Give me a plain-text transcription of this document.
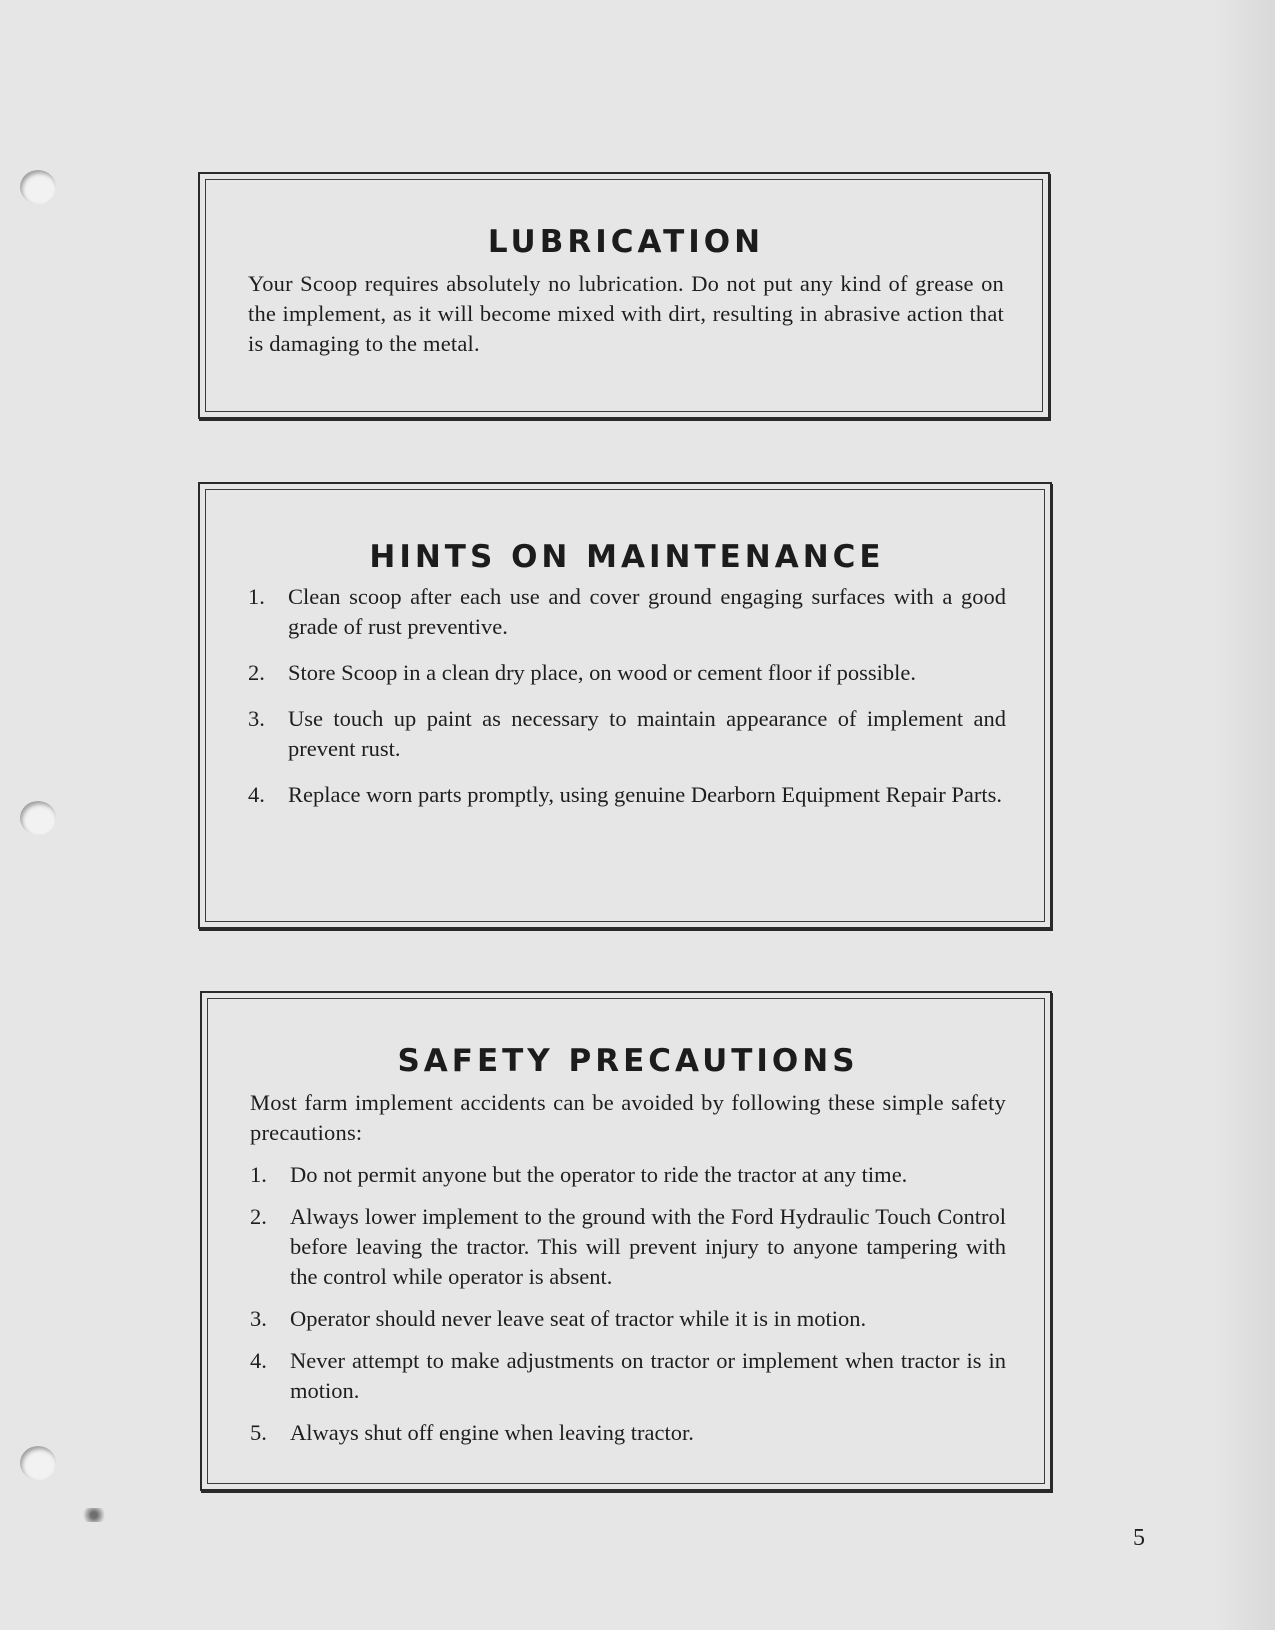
LUBRICATION

Your Scoop requires absolutely no lubrication. Do not put any kind of grease on the implement, as it will become mixed with dirt, resulting in abrasive action that is damaging to the metal.

HINTS ON MAINTENANCE
1.	Clean scoop after each use and cover ground engaging surfaces with a good grade of rust preventive.
2.	Store Scoop in a clean dry place, on wood or cement floor if possible.
3.	Use touch up paint as necessary to maintain appearance of implement and prevent rust.
4.	Replace worn parts promptly, using genuine Dearborn Equipment Repair Parts.
SAFETY PRECAUTIONS

Most farm implement accidents can be avoided by following these simple safety precautions:

1.	Do not permit anyone but the operator to ride the tractor at any time.
2.	Always lower implement to the ground with the Ford Hydraulic Touch Control before leaving the tractor. This will prevent injury to anyone tampering with the control while operator is absent.
3.	Operator should never leave seat of tractor while it is in motion.
4.	Never attempt to make adjustments on tractor or implement when tractor is in motion.
5.	Always shut off engine when leaving tractor.
5
